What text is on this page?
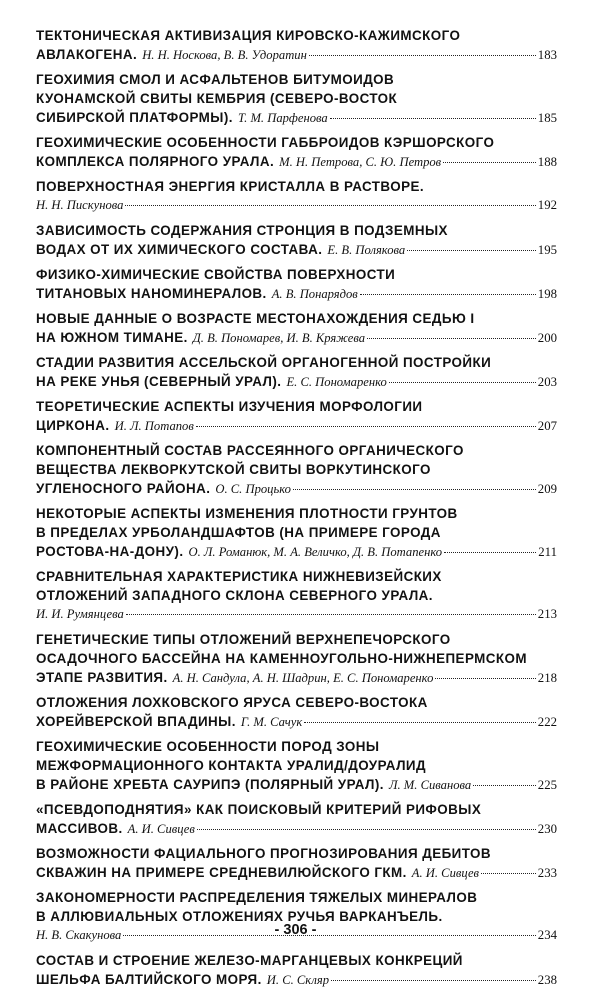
ТЕКТОНИЧЕСКАЯ АКТИВИЗАЦИЯ КИРОВСКО-КАЖИМСКОГО
АВЛАКОГЕНА. Н. Н. Носкова, В. В. Удоратин	183
ГЕОХИМИЯ СМОЛ И АСФАЛЬТЕНОВ БИТУМОИДОВ
КУОНАМСКОЙ СВИТЫ КЕМБРИЯ (СЕВЕРО-ВОСТОК
СИБИРСКОЙ ПЛАТФОРМЫ). Т. М. Парфенова	185
ГЕОХИМИЧЕСКИЕ ОСОБЕННОСТИ ГАББРОИДОВ КЭРШОРСКОГО
КОМПЛЕКСА ПОЛЯРНОГО УРАЛА. М. Н. Петрова, С. Ю. Петров	188
ПОВЕРХНОСТНАЯ ЭНЕРГИЯ КРИСТАЛЛА В РАСТВОРЕ.
Н. Н. Пискунова	192
ЗАВИСИМОСТЬ СОДЕРЖАНИЯ СТРОНЦИЯ В ПОДЗЕМНЫХ
ВОДАХ ОТ ИХ ХИМИЧЕСКОГО СОСТАВА. Е. В. Полякова	195
ФИЗИКО-ХИМИЧЕСКИЕ СВОЙСТВА ПОВЕРХНОСТИ
ТИТАНОВЫХ НАНОМИНЕРАЛОВ. А. В. Понарядов	198
НОВЫЕ ДАННЫЕ О ВОЗРАСТЕ МЕСТОНАХОЖДЕНИЯ СЕДЬЮ I
НА ЮЖНОМ ТИМАНЕ. Д. В. Пономарев, И. В. Кряжева	200
СТАДИИ РАЗВИТИЯ АССЕЛЬСКОЙ ОРГАНОГЕННОЙ ПОСТРОЙКИ
НА РЕКЕ УНЬЯ (СЕВЕРНЫЙ УРАЛ). Е. С. Пономаренко	203
ТЕОРЕТИЧЕСКИЕ АСПЕКТЫ ИЗУЧЕНИЯ МОРФОЛОГИИ
ЦИРКОНА. И. Л. Потапов	207
КОМПОНЕНТНЫЙ СОСТАВ РАССЕЯННОГО ОРГАНИЧЕСКОГО
ВЕЩЕСТВА ЛЕКВОРКУТСКОЙ СВИТЫ ВОРКУТИНСКОГО
УГЛЕНОСНОГО РАЙОНА. О. С. Процько	209
НЕКОТОРЫЕ АСПЕКТЫ ИЗМЕНЕНИЯ ПЛОТНОСТИ ГРУНТОВ
В ПРЕДЕЛАХ УРБОЛАНДШАФТОВ (НА ПРИМЕРЕ ГОРОДА
РОСТОВА-НА-ДОНУ). О. Л. Романюк, М. А. Величко, Д. В. Потапенко	211
СРАВНИТЕЛЬНАЯ ХАРАКТЕРИСТИКА НИЖНЕВИЗЕЙСКИХ
ОТЛОЖЕНИЙ ЗАПАДНОГО СКЛОНА СЕВЕРНОГО УРАЛА.
И. И. Румянцева	213
ГЕНЕТИЧЕСКИЕ ТИПЫ ОТЛОЖЕНИЙ ВЕРХНЕПЕЧОРСКОГО
ОСАДОЧНОГО БАССЕЙНА НА КАМЕННОУГОЛЬНО-НИЖНЕПЕРМСКОМ
ЭТАПЕ РАЗВИТИЯ. А. Н. Сандула, А. Н. Шадрин, Е. С. Пономаренко	218
ОТЛОЖЕНИЯ ЛОХКОВСКОГО ЯРУСА СЕВЕРО-ВОСТОКА
ХОРЕЙВЕРСКОЙ ВПАДИНЫ. Г. М. Сачук	222
ГЕОХИМИЧЕСКИЕ ОСОБЕННОСТИ ПОРОД ЗОНЫ
МЕЖФОРМАЦИОННОГО КОНТАКТА УРАЛИД/ДОУРАЛИД
В РАЙОНЕ ХРЕБТА САУРИПЭ (ПОЛЯРНЫЙ УРАЛ). Л. М. Сиванова	225
«ПСЕВДОПОДНЯТИЯ» КАК ПОИСКОВЫЙ КРИТЕРИЙ РИФОВЫХ
МАССИВОВ. А. И. Сивцев	230
ВОЗМОЖНОСТИ ФАЦИАЛЬНОГО ПРОГНОЗИРОВАНИЯ ДЕБИТОВ
СКВАЖИН НА ПРИМЕРЕ СРЕДНЕВИЛЮЙСКОГО ГКМ. А. И. Сивцев	233
ЗАКОНОМЕРНОСТИ РАСПРЕДЕЛЕНИЯ ТЯЖЕЛЫХ МИНЕРАЛОВ
В АЛЛЮВИАЛЬНЫХ ОТЛОЖЕНИЯХ РУЧЬЯ ВАРКАНЪЕЛЬ.
Н. В. Скакунова	234
СОСТАВ И СТРОЕНИЕ ЖЕЛЕЗО-МАРГАНЦЕВЫХ КОНКРЕЦИЙ
ШЕЛЬФА БАЛТИЙСКОГО МОРЯ. И. С. Скляр	238
- 306 -
